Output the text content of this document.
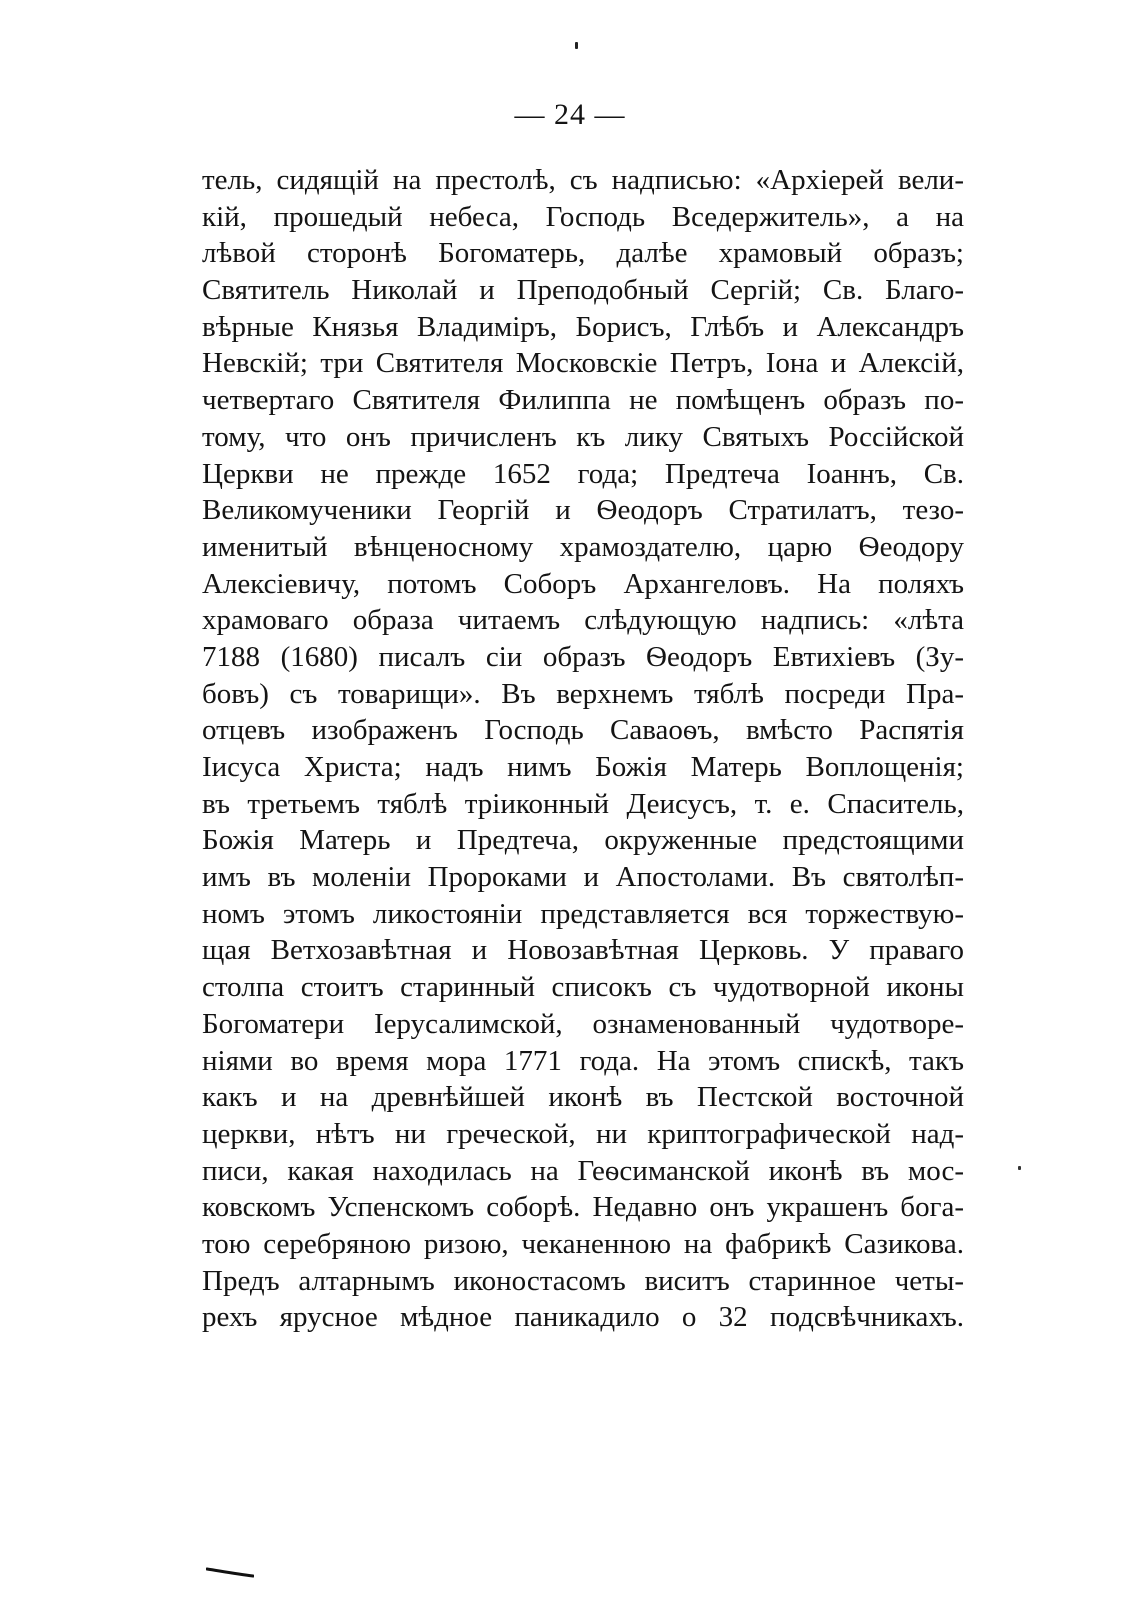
— 24 —
тель, сидящій на престолѣ, съ надписью: «Архіерей вели-
кій, прошедый небеса, Господь Вседержитель», а на
лѣвой сторонѣ Богоматерь, далѣе храмовый образъ;
Святитель Николай и Преподобный Сергій; Св. Благо-
вѣрные Князья Владиміръ, Борисъ, Глѣбъ и Александръ
Невскій; три Святителя Московскіе Петръ, Іона и Алексій,
четвертаго Святителя Филиппа не помѣщенъ образъ по-
тому, что онъ причисленъ къ лику Святыхъ Россійской
Церкви не прежде 1652 года; Предтеча Іоаннъ, Св.
Великомученики Георгій и Ѳеодоръ Стратилатъ, тезо-
именитый вѣнценосному храмоздателю, царю Ѳеодору
Алексіевичу, потомъ Соборъ Архангеловъ. На поляхъ
храмоваго образа читаемъ слѣдующую надпись: «лѣта
7188 (1680) писалъ сіи образъ Ѳеодоръ Евтихіевъ (Зу-
бовъ) съ товарищи». Въ верхнемъ тяблѣ посреди Пра-
отцевъ изображенъ Господь Саваоѳъ, вмѣсто Распятія
Іисуса Христа; надъ нимъ Божія Матерь Воплощенія;
въ третьемъ тяблѣ тріиконный Деисусъ, т. е. Спаситель,
Божія Матерь и Предтеча, окруженные предстоящими
имъ въ моленіи Пророками и Апостолами. Въ святолѣп-
номъ этомъ ликостояніи представляется вся торжествую-
щая Ветхозавѣтная и Новозавѣтная Церковь. У праваго
столпа стоитъ старинный списокъ съ чудотворной иконы
Богоматери Іерусалимской, ознаменованный чудотворе-
ніями во время мора 1771 года. На этомъ спискѣ, такъ
какъ и на древнѣйшей иконѣ въ Пестской восточной
церкви, нѣтъ ни греческой, ни криптографической над-
писи, какая находилась на Геѳсиманской иконѣ въ мос-
ковскомъ Успенскомъ соборѣ. Недавно онъ украшенъ бога-
тою серебряною ризою, чеканенною на фабрикѣ Сазикова.
Предъ алтарнымъ иконостасомъ виситъ старинное четы-
рехъ ярусное мѣдное паникадило о 32 подсвѣчникахъ.
